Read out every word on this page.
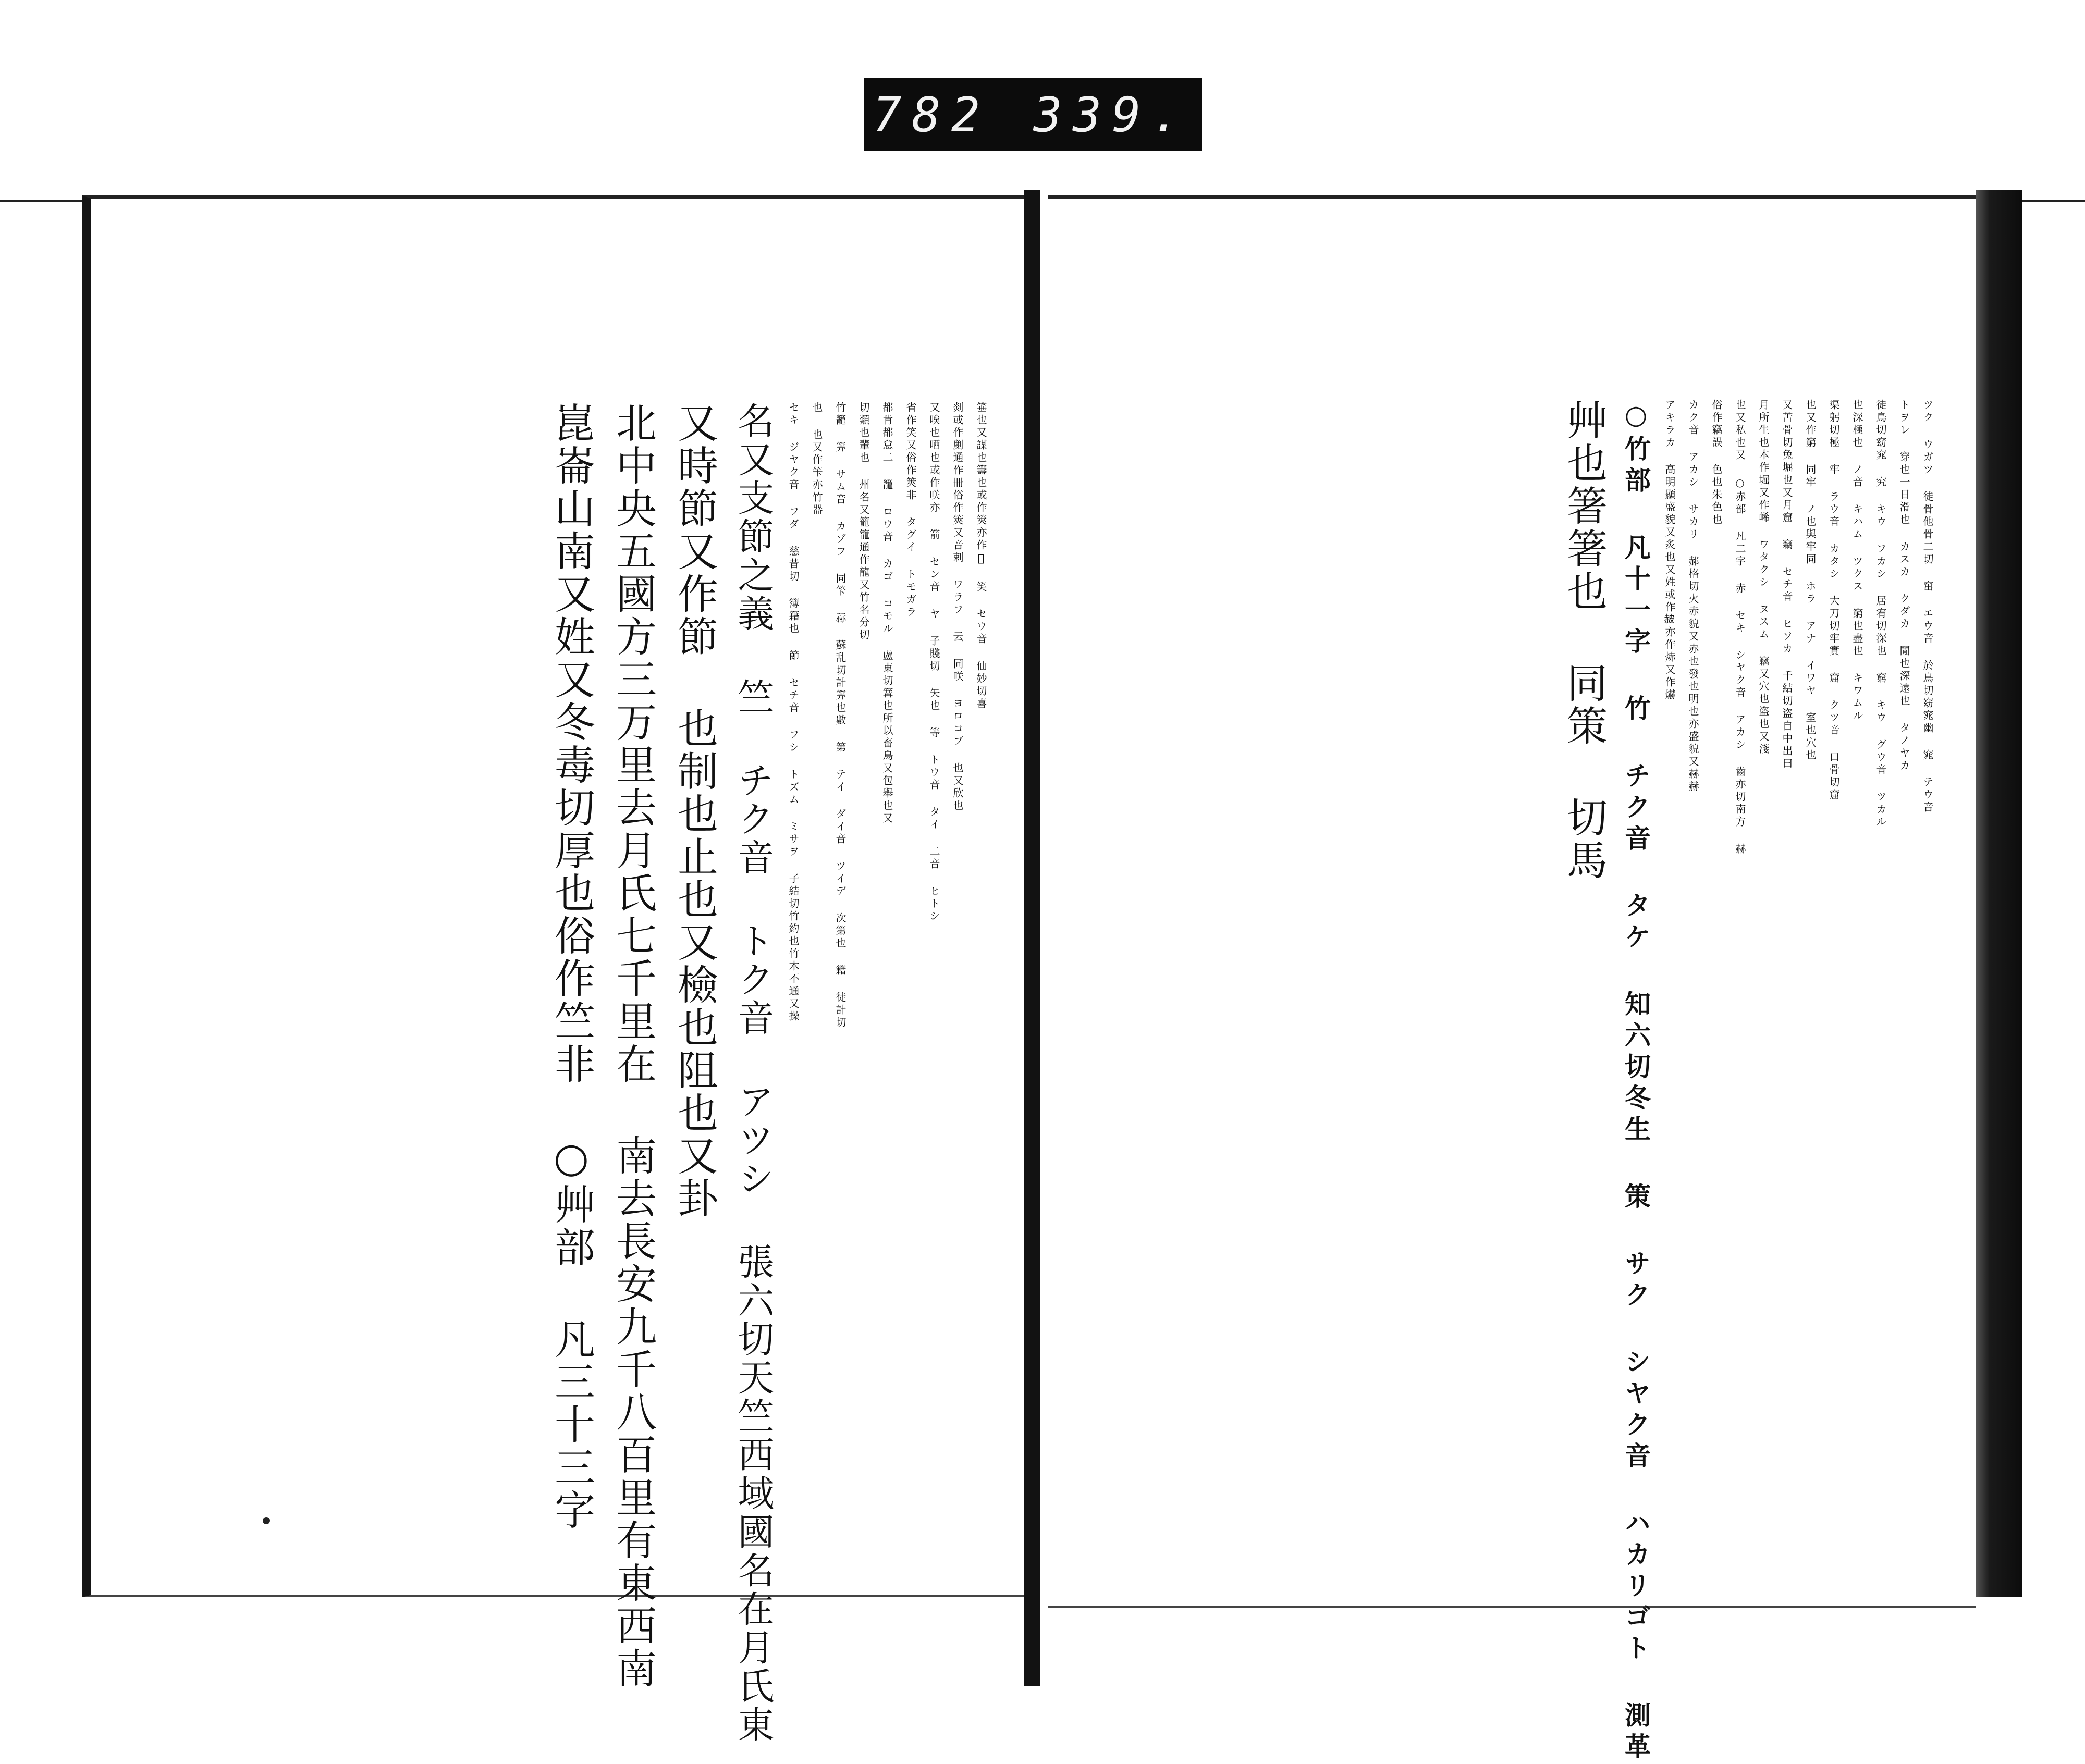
782 339.
箠也又謀也籌也或作筴亦作𠜂 笑 セウ音 仙妙切喜
剡或作剫通作冊俗作筴又音剌 ワラフ 云 同咲 ヨロコブ 也又欣也
又唉也哂也或作咲亦 箭 セン音 ヤ 子賤切 矢也 等 トウ音 タイ 二音 ヒトシ
省作笑又俗作筴非 タグイ トモガラ
都肯都怠二 籠 ロウ音 カゴ コモル 盧東切篝也所以畜鳥又包舉也又
切類也輩也 州名又籠籠通作龍又竹名分切
竹籠 筭 サム音 カゾフ 同笇 祘 蘇乱切計筭也數 第 テイ ダイ音 ツイデ 次第也 籍 徒計切
也 也又作笇亦竹器
セキ ジヤク音 フダ 慈昔切 簿籍也 節 セチ音 フシ トズム ミサヲ 子結切竹約也竹木不通又操
名又支節之義 竺 チク音 トク音 アツシ 張六切天竺西域國名在月氏東
又時節又作節 也制也止也又檢也阻也又卦
北中央五國方三万里去月氏七千里在 南去長安九千八百里有東西南
崑崙山南又姓又冬毒切厚也俗作竺非 ○艸部 凡三十三字	ツク ウガツ 徒骨他骨二切 窋 エウ音 於鳥切窈窕幽 窕 テウ音
トヲレ 穿也一日滑也 カスカ クダカ 閒也深遠也 タノヤカ
徒鳥切窈窕 究 キウ フカシ 居宥切深也 窮 キウ グウ音 ツカル
也深極也 ノ音 キハム ツクス 窮也盡也 キワムル
渠躬切極 牢 ラウ音 カタシ 大刀切牢實 窟 クツ音 口骨切窟
也又作窮 同牢 ノ也與牢同 ホラ アナ イワヤ 室也穴也
又苦骨切兔堀也又月窟 竊 セチ音 ヒソカ 千結切盗自中出曰
月所生也本作堀又作㟓 ワタクシ ヌスム 竊又穴也盗也又淺
也又私也又 ○赤部 凡二字 赤 セキ シヤク音 アカシ 齒亦切南方 赫
俗作竊誤 色也朱色也
カク音 アカシ サカリ 郝格切火赤貌又赤也發也明也亦盛貌又赫赫
アキラカ 高明顯盛貌又炙也又姓或作𧹞亦作焃又作爀
○竹部 凡十一字 竹 チク音 タケ 知六切冬生 策 サク シヤク音 ハカリゴト 測革
艸也箸箸也 同策 切馬
